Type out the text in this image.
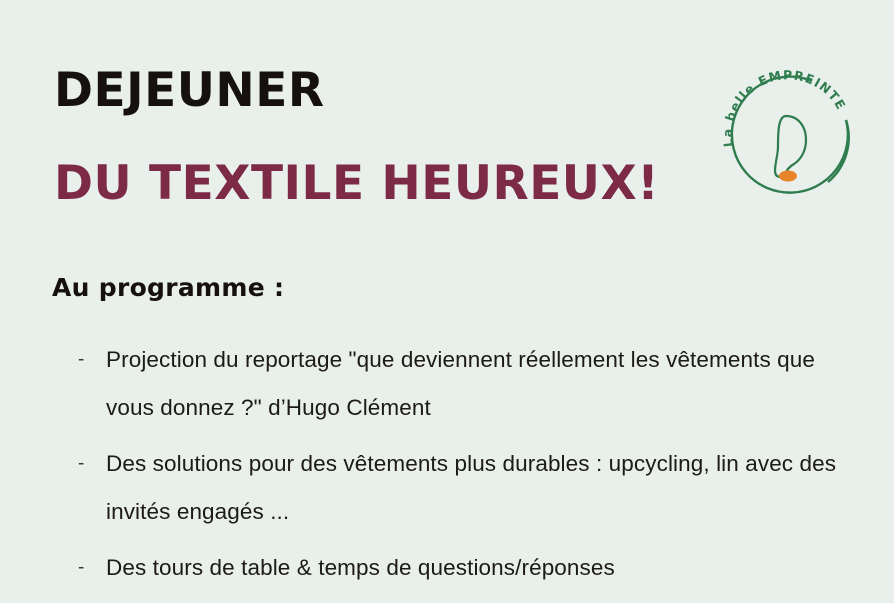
DEJEUNER
DU TEXTILE HEUREUX!
Au programme :
- Projection du reportage "que deviennent réellement les vêtements que vous donnez ?" d’Hugo Clément
- Des solutions pour des vêtements plus durables : upcycling, lin avec des invités engagés ...
- Des tours de table & temps de questions/réponses
La belle EMPREINTE
